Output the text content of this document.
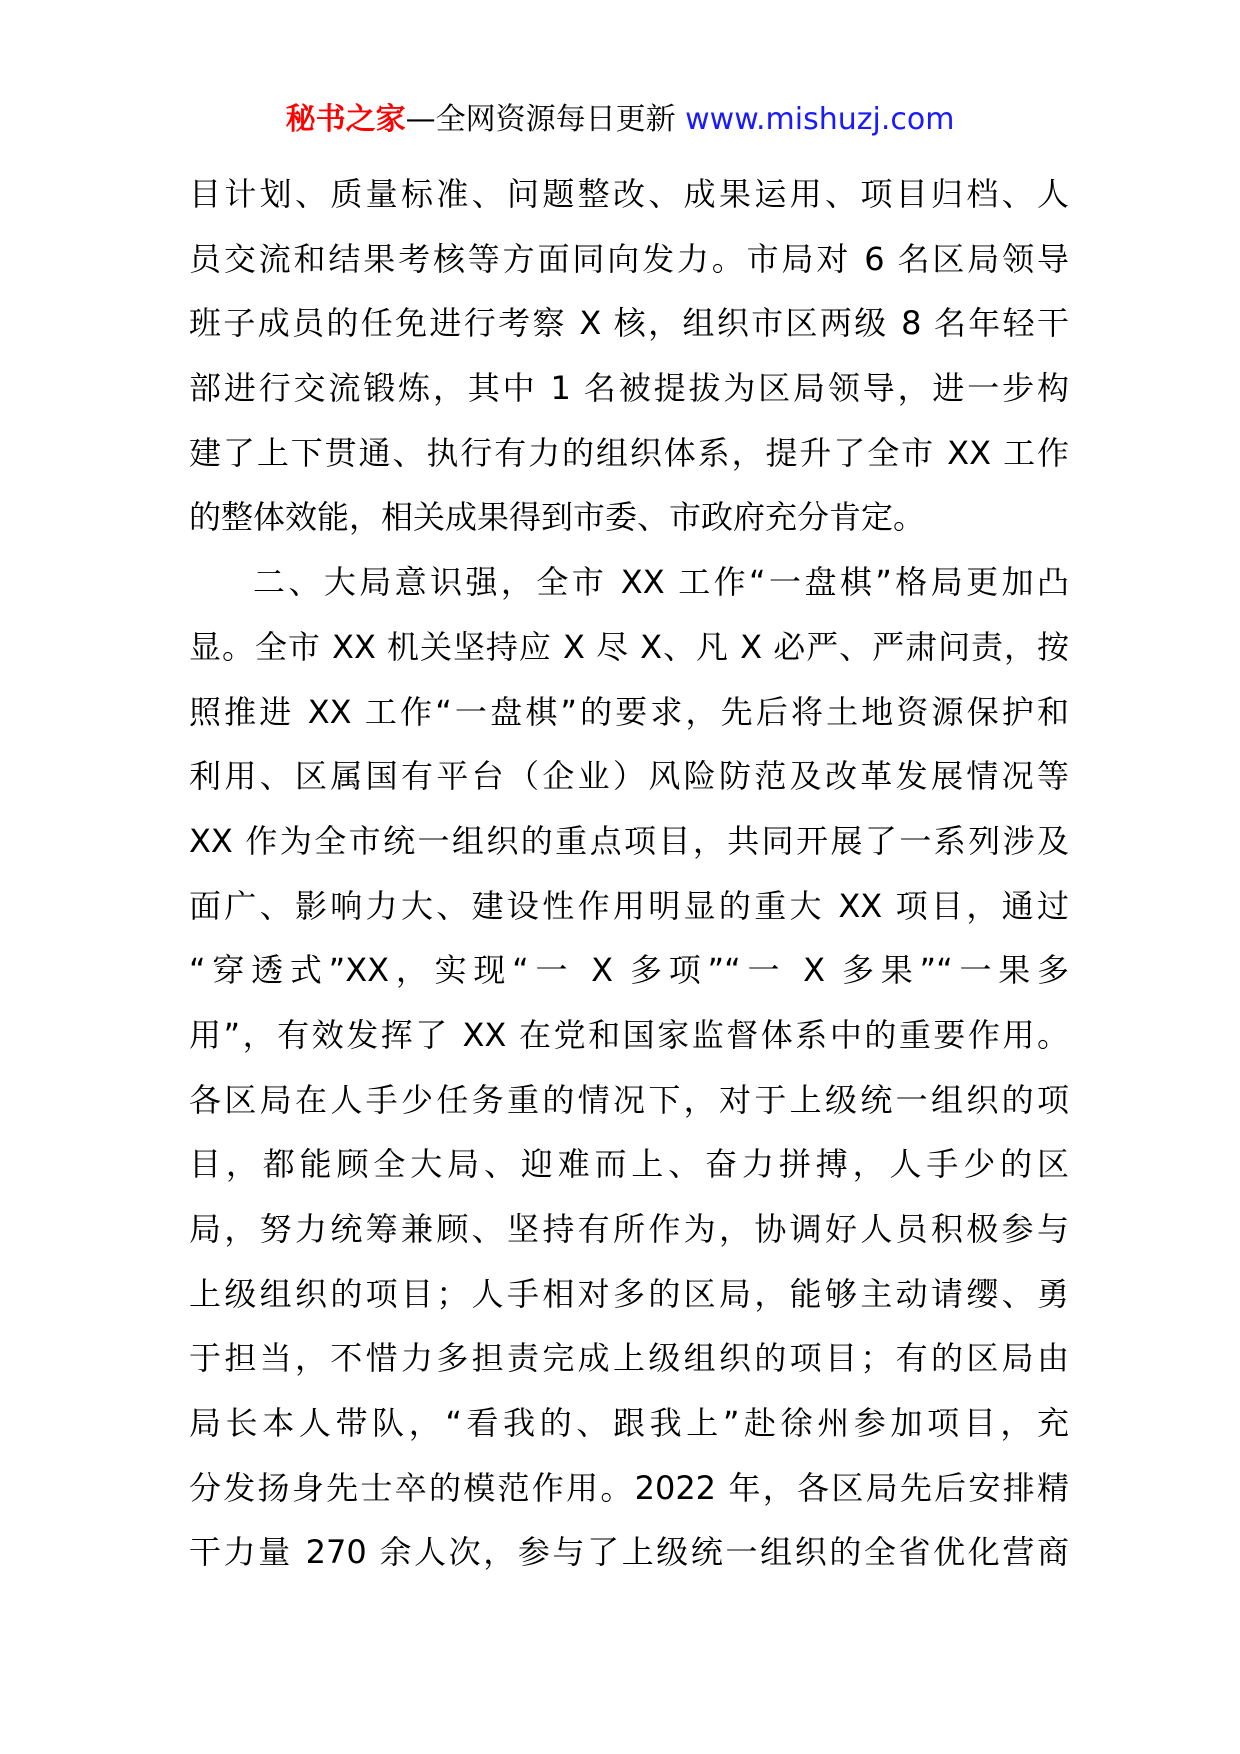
秘书之家—全网资源每日更新 www.mishuzj.com
目计划、质量标准、问题整改、成果运用、项目归档、人
员交流和结果考核等方面同向发力。市局对 6 名区局领导
班子成员的任免进行考察 X 核，组织市区两级 8 名年轻干
部进行交流锻炼，其中 1 名被提拔为区局领导，进一步构
建了上下贯通、执行有力的组织体系，提升了全市 XX 工作
的整体效能，相关成果得到市委、市政府充分肯定。
二、大局意识强，全市 XX 工作“一盘棋”格局更加凸
显。全市 XX 机关坚持应 X 尽 X、凡 X 必严、严肃问责，按
照推进 XX 工作“一盘棋”的要求，先后将土地资源保护和
利用、区属国有平台（企业）风险防范及改革发展情况等
XX 作为全市统一组织的重点项目，共同开展了一系列涉及
面广、影响力大、建设性作用明显的重大 XX 项目，通过
“穿透式”XX，实现“一 X 多项”“一 X 多果”“一果多
用”，有效发挥了 XX 在党和国家监督体系中的重要作用。
各区局在人手少任务重的情况下，对于上级统一组织的项
目，都能顾全大局、迎难而上、奋力拼搏，人手少的区
局，努力统筹兼顾、坚持有所作为，协调好人员积极参与
上级组织的项目；人手相对多的区局，能够主动请缨、勇
于担当，不惜力多担责完成上级组织的项目；有的区局由
局长本人带队，“看我的、跟我上”赴徐州参加项目，充
分发扬身先士卒的模范作用。2022 年，各区局先后安排精
干力量 270 余人次，参与了上级统一组织的全省优化营商
